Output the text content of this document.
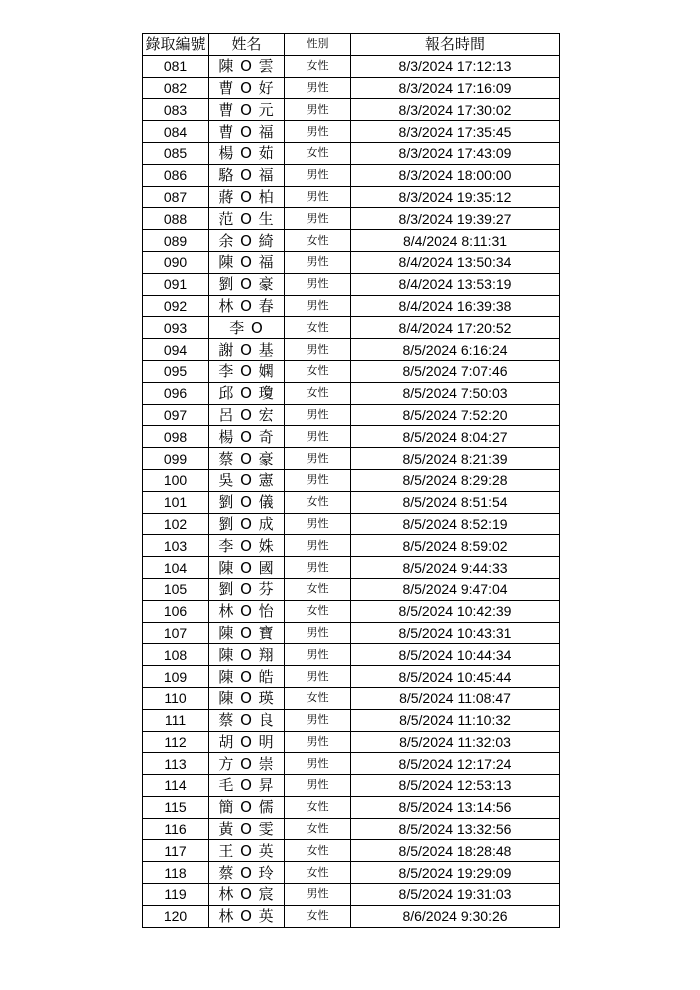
錄取編號	姓名	性別	報名時間
081	陳 O 雲	女性	8/3/2024 17:12:13
082	曹 O 好	男性	8/3/2024 17:16:09
083	曹 O 元	男性	8/3/2024 17:30:02
084	曹 O 福	男性	8/3/2024 17:35:45
085	楊 O 茹	女性	8/3/2024 17:43:09
086	駱 O 福	男性	8/3/2024 18:00:00
087	蔣 O 柏	男性	8/3/2024 19:35:12
088	范 O 生	男性	8/3/2024 19:39:27
089	余 O 綺	女性	8/4/2024 8:11:31
090	陳 O 福	男性	8/4/2024 13:50:34
091	劉 O 豪	男性	8/4/2024 13:53:19
092	林 O 春	男性	8/4/2024 16:39:38
093	李 O	女性	8/4/2024 17:20:52
094	謝 O 基	男性	8/5/2024 6:16:24
095	李 O 嫻	女性	8/5/2024 7:07:46
096	邱 O 瓊	女性	8/5/2024 7:50:03
097	呂 O 宏	男性	8/5/2024 7:52:20
098	楊 O 奇	男性	8/5/2024 8:04:27
099	蔡 O 豪	男性	8/5/2024 8:21:39
100	吳 O 憲	男性	8/5/2024 8:29:28
101	劉 O 儀	女性	8/5/2024 8:51:54
102	劉 O 成	男性	8/5/2024 8:52:19
103	李 O 姝	男性	8/5/2024 8:59:02
104	陳 O 國	男性	8/5/2024 9:44:33
105	劉 O 芬	女性	8/5/2024 9:47:04
106	林 O 怡	女性	8/5/2024 10:42:39
107	陳 O 寶	男性	8/5/2024 10:43:31
108	陳 O 翔	男性	8/5/2024 10:44:34
109	陳 O 皓	男性	8/5/2024 10:45:44
110	陳 O 瑛	女性	8/5/2024 11:08:47
111	蔡 O 良	男性	8/5/2024 11:10:32
112	胡 O 明	男性	8/5/2024 11:32:03
113	方 O 崇	男性	8/5/2024 12:17:24
114	毛 O 昇	男性	8/5/2024 12:53:13
115	簡 O 儒	女性	8/5/2024 13:14:56
116	黃 O 雯	女性	8/5/2024 13:32:56
117	王 O 英	女性	8/5/2024 18:28:48
118	蔡 O 玲	女性	8/5/2024 19:29:09
119	林 O 宸	男性	8/5/2024 19:31:03
120	林 O 英	女性	8/6/2024 9:30:26
